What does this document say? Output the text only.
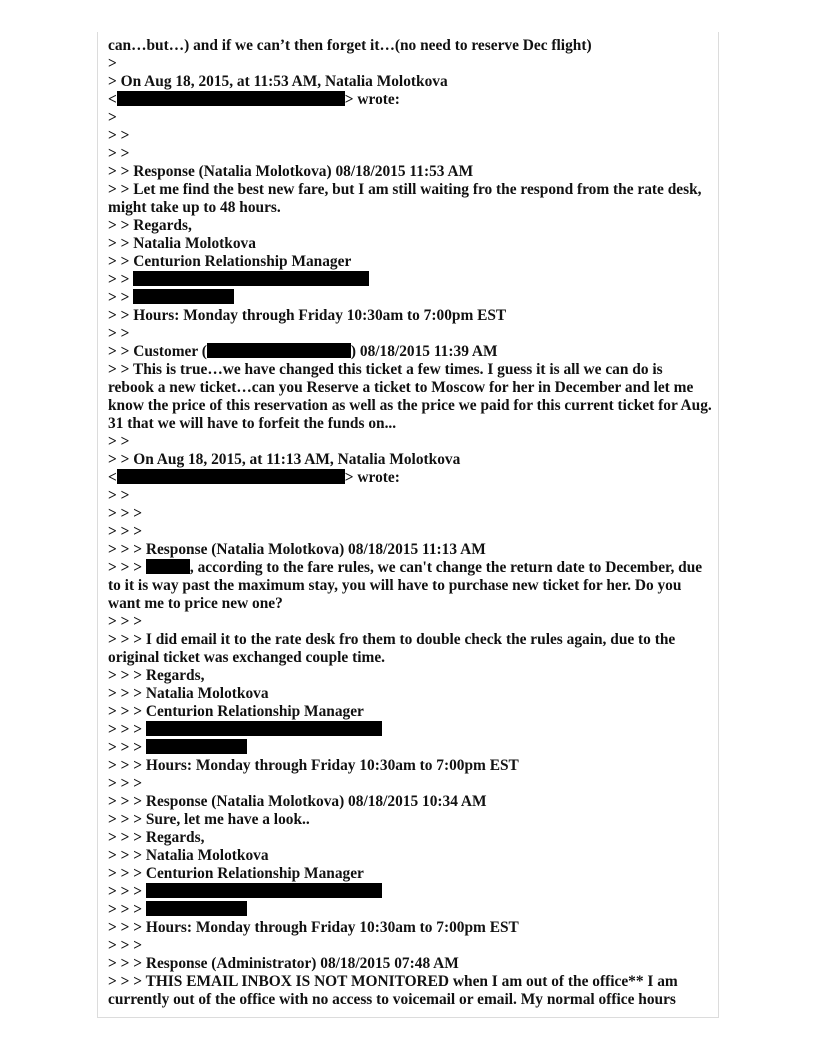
can…but…) and if we can’t then forget it…(no need to reserve Dec flight)
>
> On Aug 18, 2015, at 11:53 AM, Natalia Molotkova
<	> wrote:
>
> >
> >
> > Response (Natalia Molotkova) 08/18/2015 11:53 AM
> > Let me find the best new fare, but I am still waiting fro the respond from the rate desk, might take up to 48 hours.
> > Regards,
> > Natalia Molotkova
> > Centurion Relationship Manager
> >
> >
> > Hours: Monday through Friday 10:30am to 7:00pm EST
> >
> > Customer (	) 08/18/2015 11:39 AM
> > This is true…we have changed this ticket a few times. I guess it is all we can do is rebook a new ticket…can you Reserve a ticket to Moscow for her in December and let me know the price of this reservation as well as the price we paid for this current ticket for Aug. 31 that we will have to forfeit the funds on...
> >
> > On Aug 18, 2015, at 11:13 AM, Natalia Molotkova
<	> wrote:
> >
> > >
> > >
> > > Response (Natalia Molotkova) 08/18/2015 11:13 AM
> > >	, according to the fare rules, we can't change the return date to December, due to it is way past the maximum stay, you will have to purchase new ticket for her. Do you want me to price new one?
> > >
> > > I did email it to the rate desk fro them to double check the rules again, due to the original ticket was exchanged couple time.
> > > Regards,
> > > Natalia Molotkova
> > > Centurion Relationship Manager
> > >
> > >
> > > Hours: Monday through Friday 10:30am to 7:00pm EST
> > >
> > > Response (Natalia Molotkova) 08/18/2015 10:34 AM
> > > Sure, let me have a look..
> > > Regards,
> > > Natalia Molotkova
> > > Centurion Relationship Manager
> > >
> > >
> > > Hours: Monday through Friday 10:30am to 7:00pm EST
> > >
> > > Response (Administrator) 08/18/2015 07:48 AM
> > > THIS EMAIL INBOX IS NOT MONITORED when I am out of the office** I am currently out of the office with no access to voicemail or email. My normal office hours
